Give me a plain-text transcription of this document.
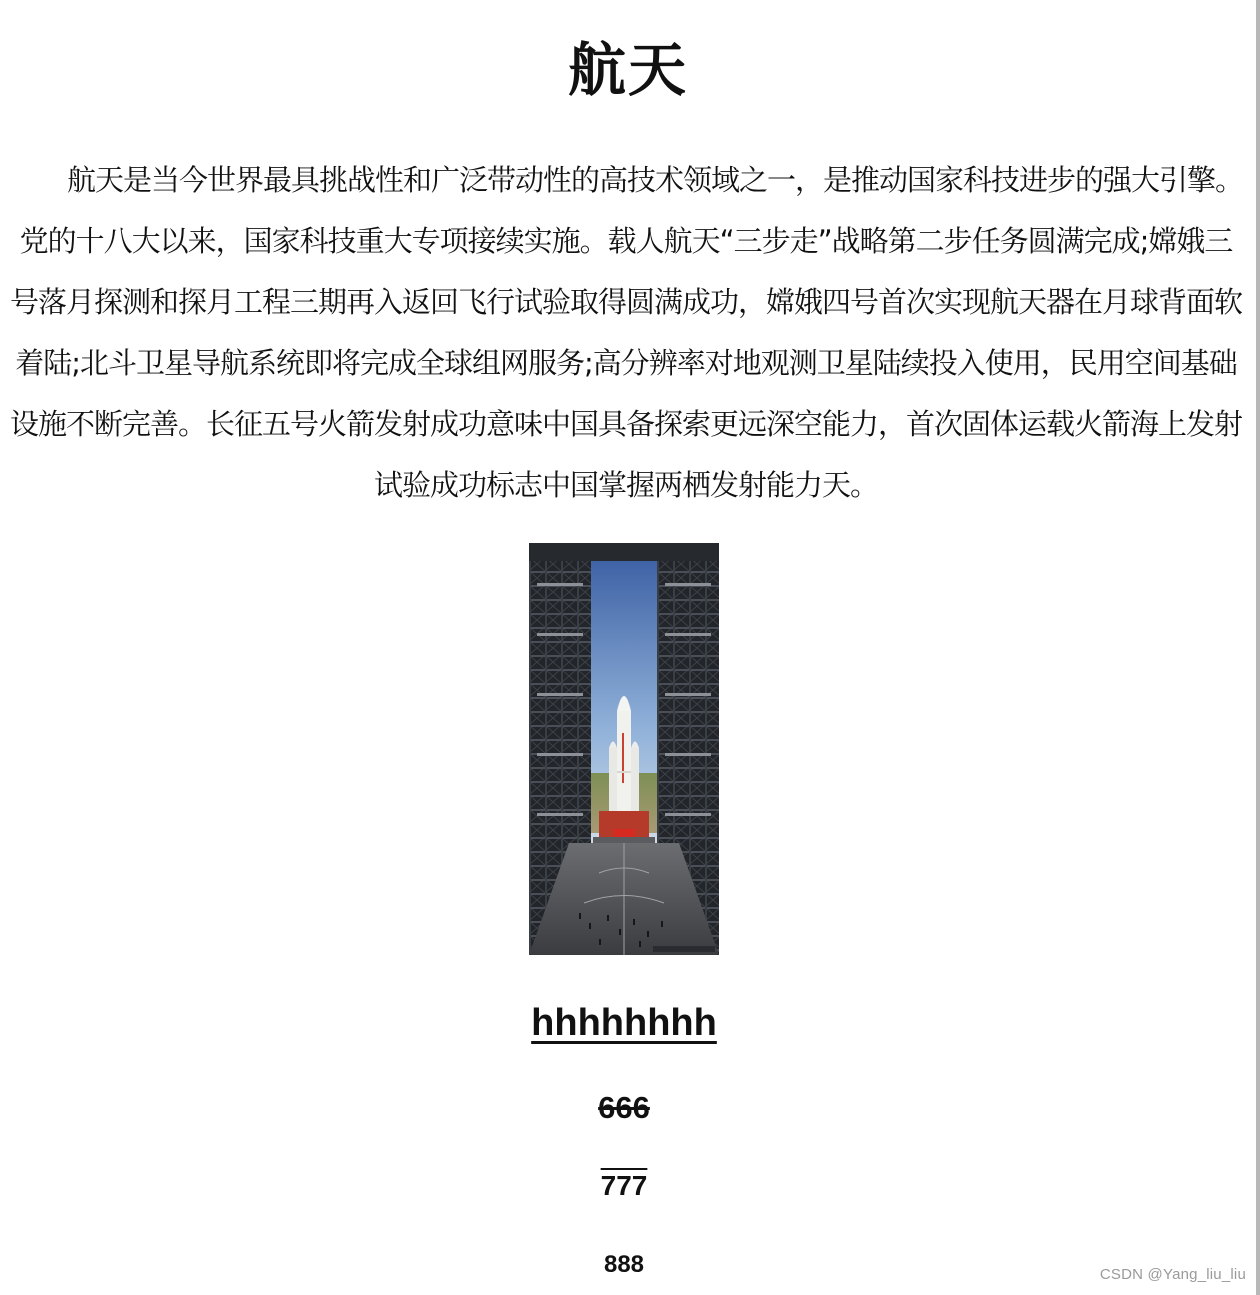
航天

航天是当今世界最具挑战性和广泛带动性的高技术领域之一，是推动国家科技进步的强大引擎。党的十八大以来，国家科技重大专项接续实施。载人航天“三步走”战略第二步任务圆满完成;嫦娥三号落月探测和探月工程三期再入返回飞行试验取得圆满成功，嫦娥四号首次实现航天器在月球背面软着陆;北斗卫星导航系统即将完成全球组网服务;高分辨率对地观测卫星陆续投入使用，民用空间基础设施不断完善。长征五号火箭发射成功意味中国具备探索更远深空能力，首次固体运载火箭海上发射试验成功标志中国掌握两栖发射能力天。

hhhhhhhh
666
777
888	CSDN @Yang_liu_liu
